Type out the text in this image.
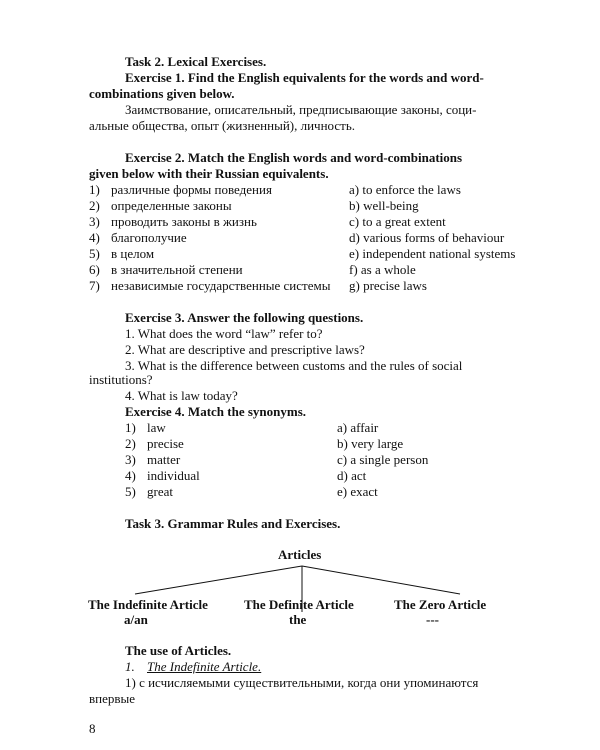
Task 2. Lexical Exercises.
Exercise 1. Find the English equivalents for the words and word-
combinations given below.
Заимствование, описательный, предписывающие законы, соци-
альные общества, опыт (жизненный), личность.
Exercise 2. Match the English words and word-combinations
given below with their Russian equivalents.
1) различные формы поведения
2) определенные законы
3) проводить законы в жизнь
4) благополучие
5) в целом
6) в значительной степени
7) независимые государственные системы
a) to enforce the laws
b) well-being
c) to a great extent
d) various forms of behaviour
e) independent national systems
f) as a whole
g) precise laws
Exercise 3. Answer the following questions.
1. What does the word “law” refer to?
2. What are descriptive and prescriptive laws?
3. What is the difference between customs and the rules of social
institutions?
4. What is law today?
Exercise 4. Match the synonyms.
1) law
2) precise
3) matter
4) individual
5) great
a) affair
b) very large
c) a single person
d) act
e) exact
Task 3. Grammar Rules and Exercises.
Articles
The Indefinite Article
a/an
The Definite Article
the
The Zero Article
---
The use of Articles.
1. The Indefinite Article.
1) с исчисляемыми существительными, когда они упоминаются
впервые
8
